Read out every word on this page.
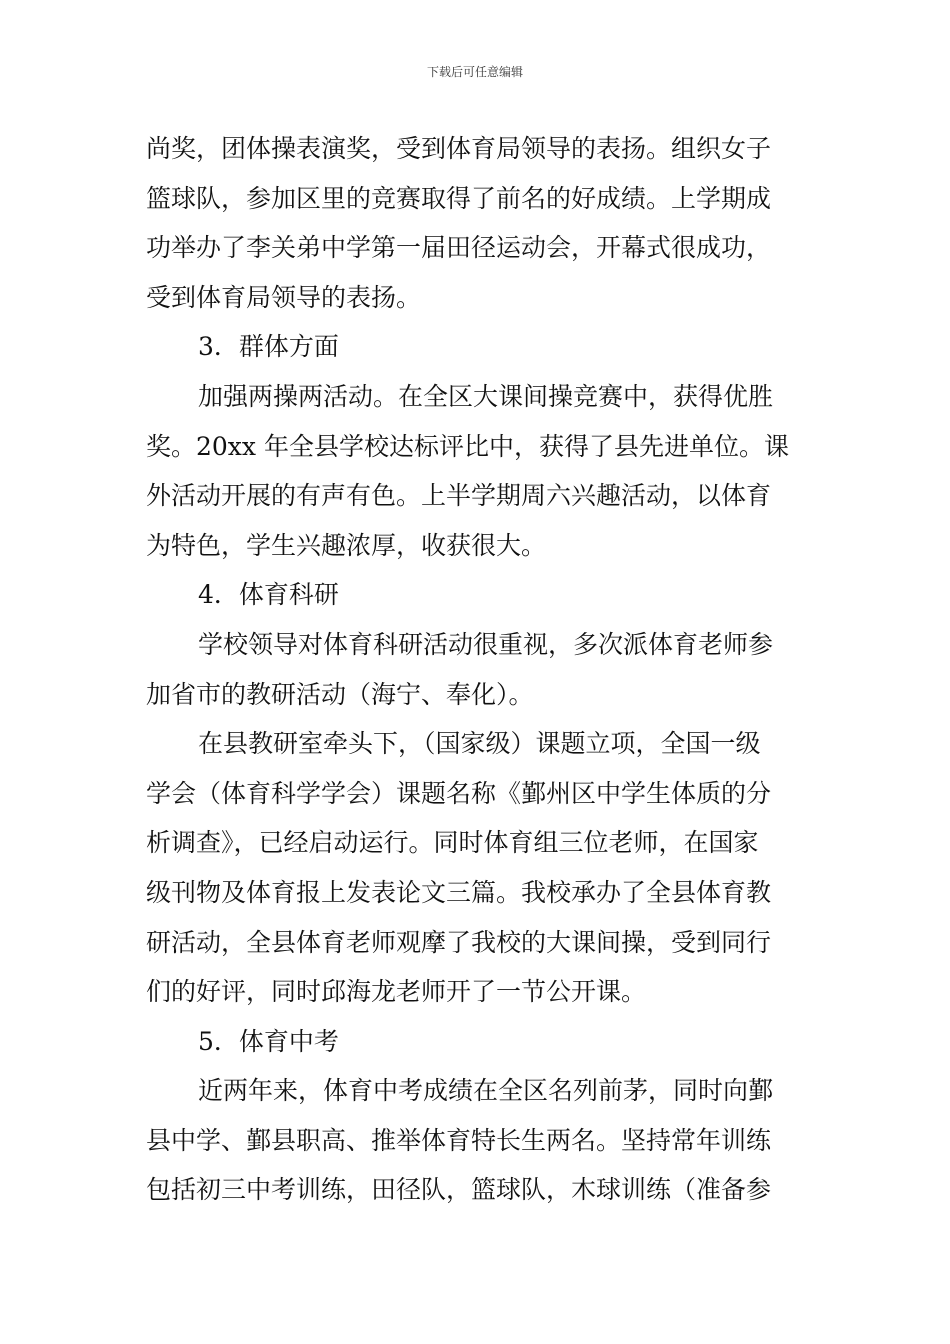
下载后可任意编辑
尚奖，团体操表演奖，受到体育局领导的表扬。组织女子
篮球队，参加区里的竞赛取得了前名的好成绩。上学期成
功举办了李关弟中学第一届田径运动会，开幕式很成功，
受到体育局领导的表扬。
3．群体方面
加强两操两活动。在全区大课间操竞赛中，获得优胜
奖。20xx 年全县学校达标评比中，获得了县先进单位。课
外活动开展的有声有色。上半学期周六兴趣活动，以体育
为特色，学生兴趣浓厚，收获很大。
4．体育科研
学校领导对体育科研活动很重视，多次派体育老师参
加省市的教研活动（海宁、奉化）。
在县教研室牵头下，（国家级）课题立项，全国一级
学会（体育科学学会）课题名称《鄞州区中学生体质的分
析调查》，已经启动运行。同时体育组三位老师，在国家
级刊物及体育报上发表论文三篇。我校承办了全县体育教
研活动，全县体育老师观摩了我校的大课间操，受到同行
们的好评，同时邱海龙老师开了一节公开课。
5．体育中考
近两年来，体育中考成绩在全区名列前茅，同时向鄞
县中学、鄞县职高、推举体育特长生两名。坚持常年训练
包括初三中考训练，田径队，篮球队，木球训练（准备参
